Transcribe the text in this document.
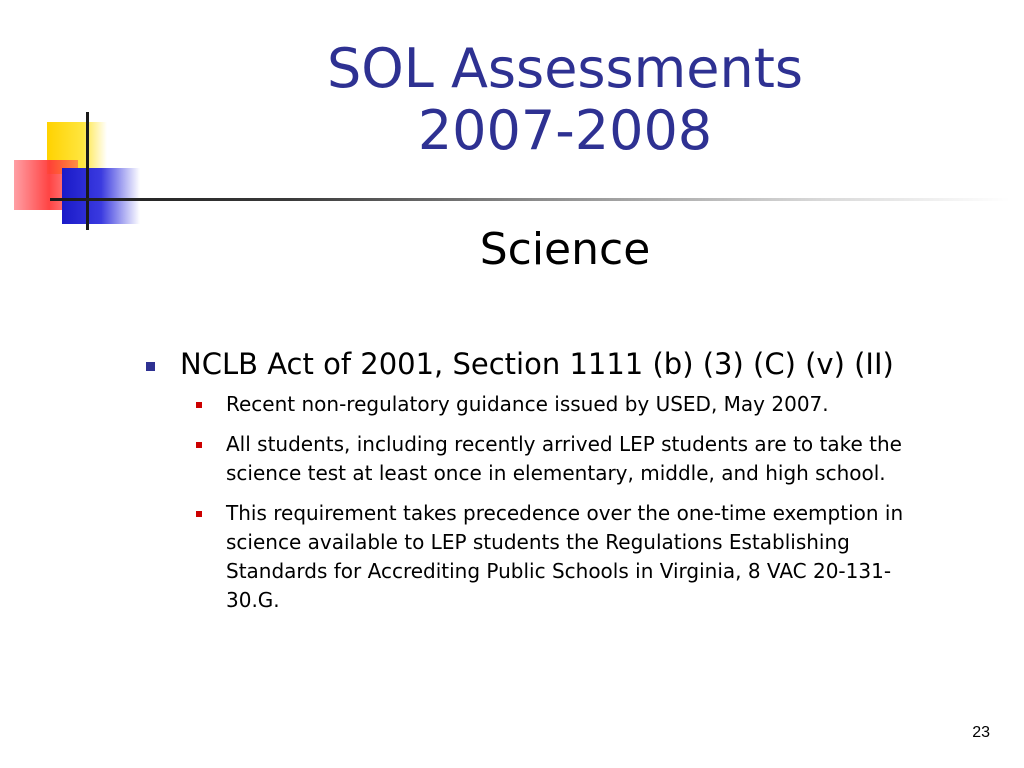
SOL Assessments
2007-2008
Science
NCLB Act of 2001, Section 1111 (b) (3) (C) (v) (II)
Recent non-regulatory guidance issued by USED, May 2007.
All students, including recently arrived LEP students are to take the
science test at least once in elementary, middle, and high school.
This requirement takes precedence over the one-time exemption in
science available to LEP students the Regulations Establishing
Standards for Accrediting Public Schools in Virginia, 8 VAC 20-131-
30.G.
23
